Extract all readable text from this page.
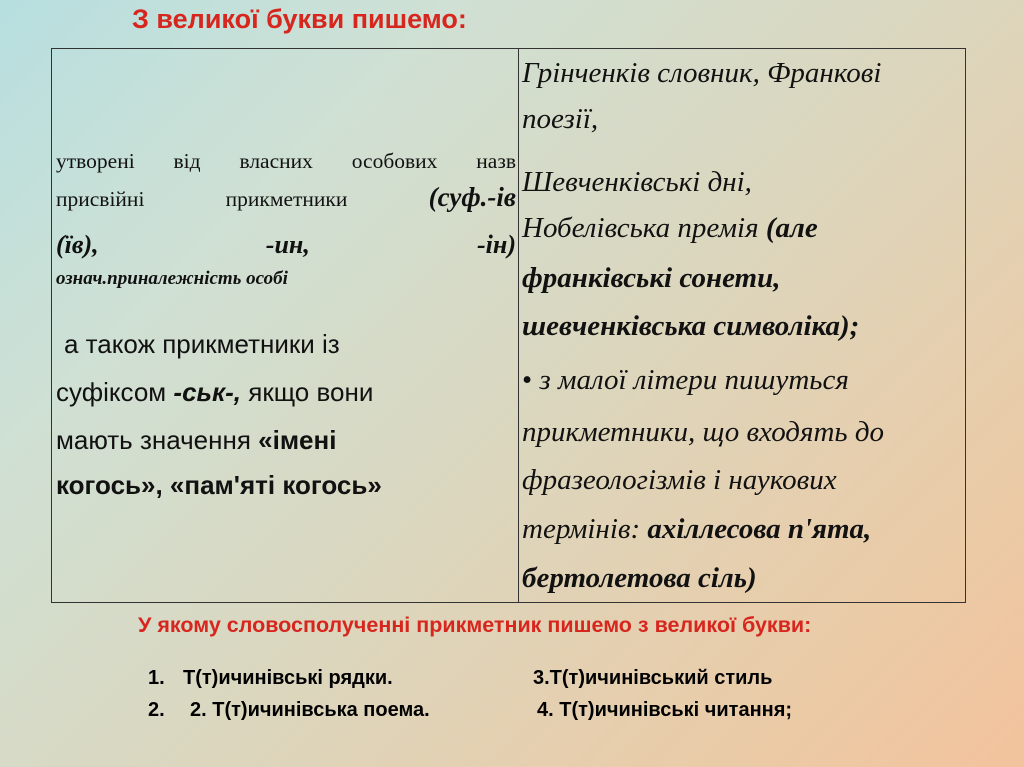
З великої букви пишемо:
утворені від власних особових назв
присвійні	прикметники	(суф.-ів
(їв),	-ин,	-ін)
означ.приналежність особі
а також прикметники із
суфіксом -ськ-, якщо вони
мають значення «імені
когось», «пам'яті когось»
Грінченків словник, Франкові
поезії,
Шевченківські дні,
Нобелівська премія (але
франківські сонети,
шевченківська символіка);
• з малої літери пишуться
прикметники, що входять до
фразеологізмів і наукових
термінів: ахіллесова п'ята,
бертолетова сіль)
У якому словосполученні прикметник пишемо з великої букви:
1. Т(т)ичинівські рядки.	3.Т(т)ичинівський стиль
2. 2. Т(т)ичинівська поема.	4. Т(т)ичинівські читання;
